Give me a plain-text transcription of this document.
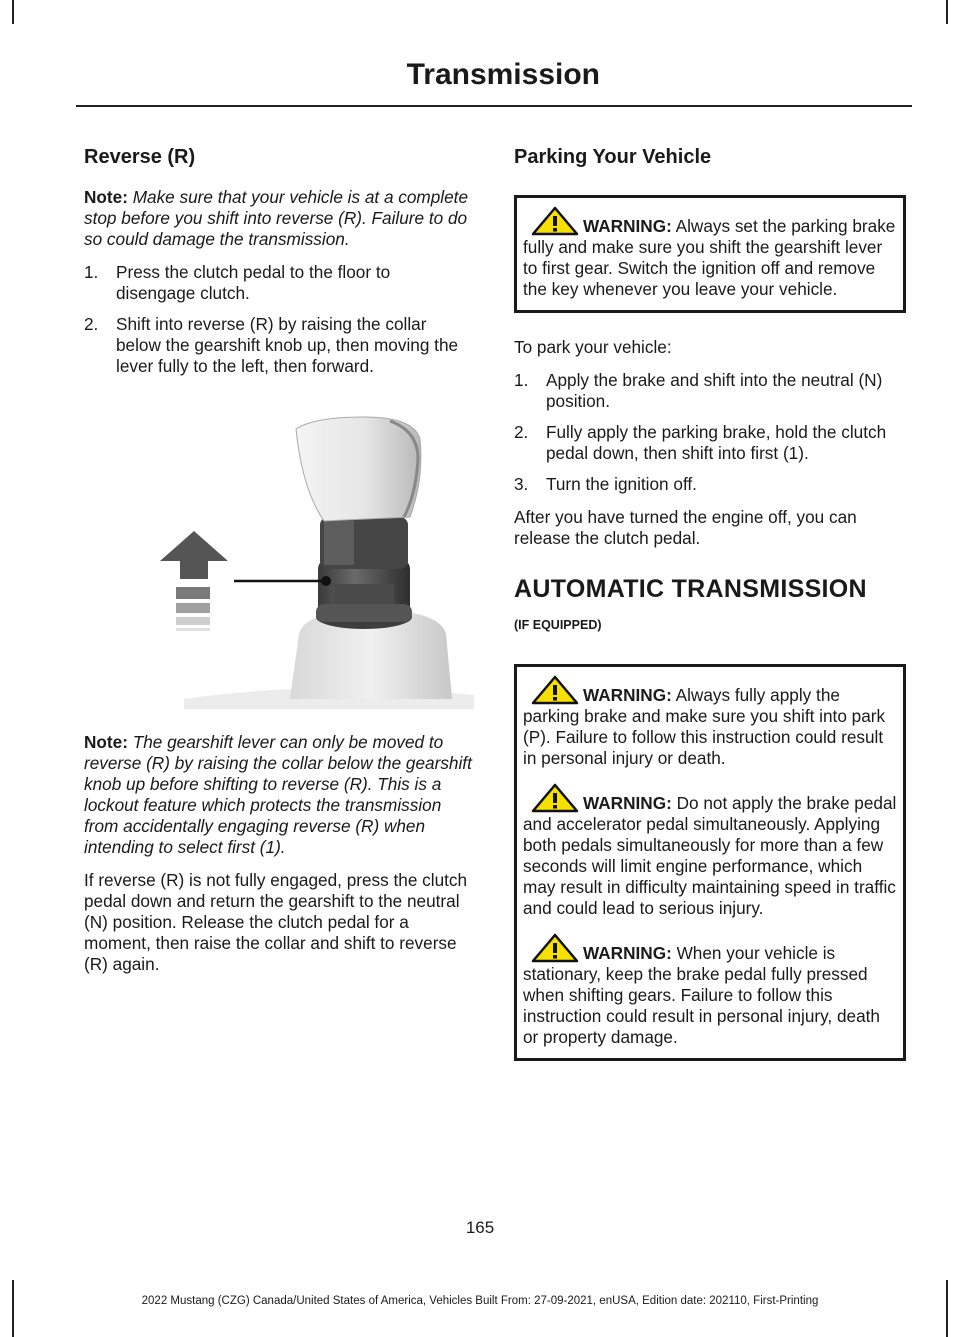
Transmission
Reverse (R)

Note: Make sure that your vehicle is at a complete stop before you shift into reverse (R). Failure to do so could damage the transmission.

1. Press the clutch pedal to the floor to disengage clutch.
2. Shift into reverse (R) by raising the collar below the gearshift knob up, then moving the lever fully to the left, then forward.

Note: The gearshift lever can only be moved to reverse (R) by raising the collar below the gearshift knob up before shifting to reverse (R). This is a lockout feature which protects the transmission from accidentally engaging reverse (R) when intending to select first (1).

If reverse (R) is not fully engaged, press the clutch pedal down and return the gearshift to the neutral (N) position. Release the clutch pedal for a moment, then raise the collar and shift to reverse (R) again.

Parking Your Vehicle

WARNING: Always set the parking brake fully and make sure you shift the gearshift lever to first gear. Switch the ignition off and remove the key whenever you leave your vehicle.

To park your vehicle:

1. Apply the brake and shift into the neutral (N) position.
2. Fully apply the parking brake, hold the clutch pedal down, then shift into first (1).
3. Turn the ignition off.

After you have turned the engine off, you can release the clutch pedal.

AUTOMATIC TRANSMISSION
(IF EQUIPPED)

WARNING: Always fully apply the parking brake and make sure you shift into park (P). Failure to follow this instruction could result in personal injury or death.

WARNING: Do not apply the brake pedal and accelerator pedal simultaneously. Applying both pedals simultaneously for more than a few seconds will limit engine performance, which may result in difficulty maintaining speed in traffic and could lead to serious injury.

WARNING: When your vehicle is stationary, keep the brake pedal fully pressed when shifting gears. Failure to follow this instruction could result in personal injury, death or property damage.

165
2022 Mustang (CZG) Canada/United States of America, Vehicles Built From: 27-09-2021, enUSA, Edition date: 202110, First-Printing
